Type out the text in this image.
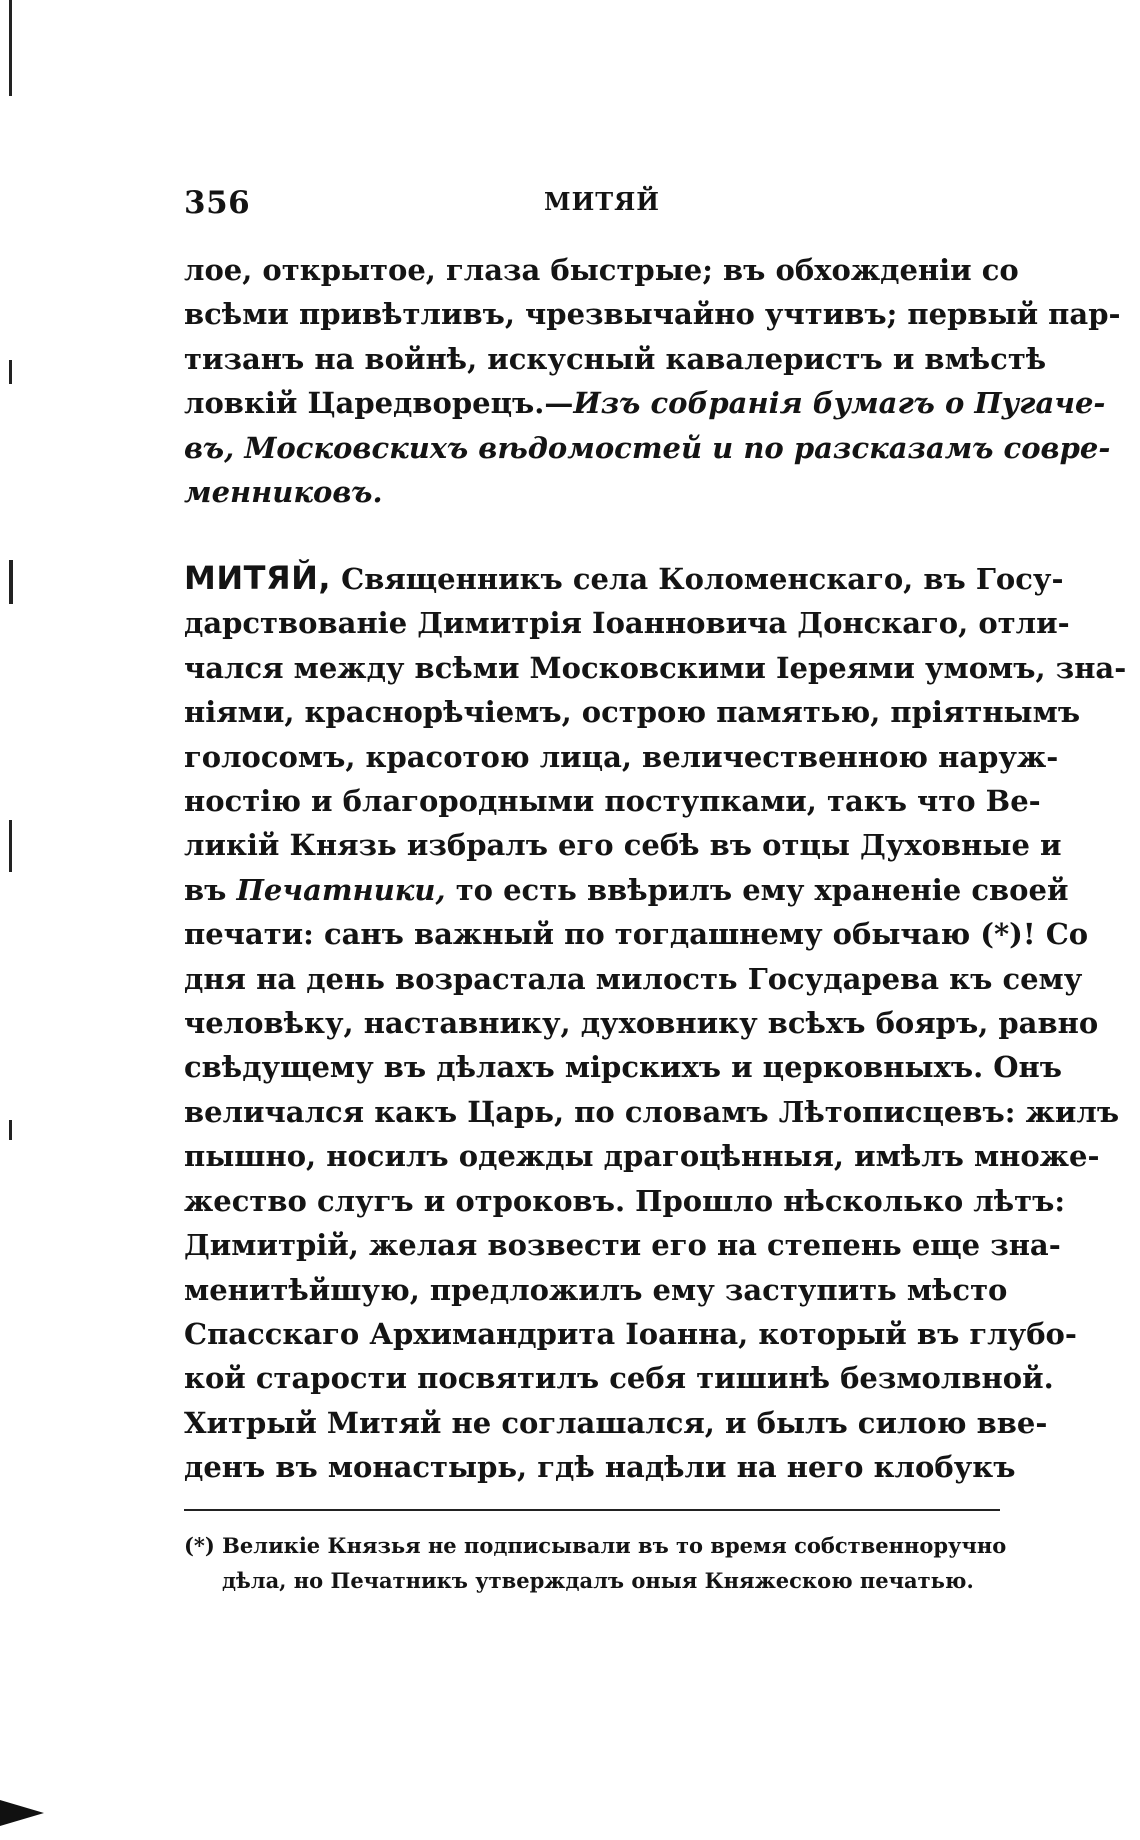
356	МИТЯЙ
лое, открытое, глаза быстрые; въ обхожденіи со
всѣми привѣтливъ, чрезвычайно учтивъ; первый пар-
тизанъ на войнѣ, искусный кавалеристъ и вмѣстѣ
ловкій Царедворецъ.—Изъ собранія бумагъ о Пугаче-
въ, Московскихъ вѣдомостей и по разсказамъ совре-
менниковъ.
МИТЯЙ, Священникъ села Коломенскаго, въ Госу-
дарствованіе Димитрія Іоанновича Донскаго, отли-
чался между всѣми Московскими Іереями умомъ, зна-
ніями, краснорѣчіемъ, острою памятью, пріятнымъ
голосомъ, красотою лица, величественною наруж-
ностію и благородными поступками, такъ что Ве-
ликій Князь избралъ его себѣ въ отцы Духовные и
въ Печатники, то есть ввѣрилъ ему храненіе своей
печати: санъ важный по тогдашнему обычаю (*)! Со
дня на день возрастала милость Государева къ сему
человѣку, наставнику, духовнику всѣхъ бояръ, равно
свѣдущему въ дѣлахъ мірскихъ и церковныхъ. Онъ
величался какъ Царь, по словамъ Лѣтописцевъ: жилъ
пышно, носилъ одежды драгоцѣнныя, имѣлъ множе-
жество слугъ и отроковъ. Прошло нѣсколько лѣтъ:
Димитрій, желая возвести его на степень еще зна-
менитѣйшую, предложилъ ему заступить мѣсто
Спасскаго Архимандрита Іоанна, который въ глубо-
кой старости посвятилъ себя тишинѣ безмолвной.
Хитрый Митяй не соглашался, и былъ силою вве-
денъ въ монастырь, гдѣ надѣли на него клобукъ
(*) Великіе Князья не подписывали въ то время собственноручно
дѣла, но Печатникъ утверждалъ оныя Княжескою печатью.
